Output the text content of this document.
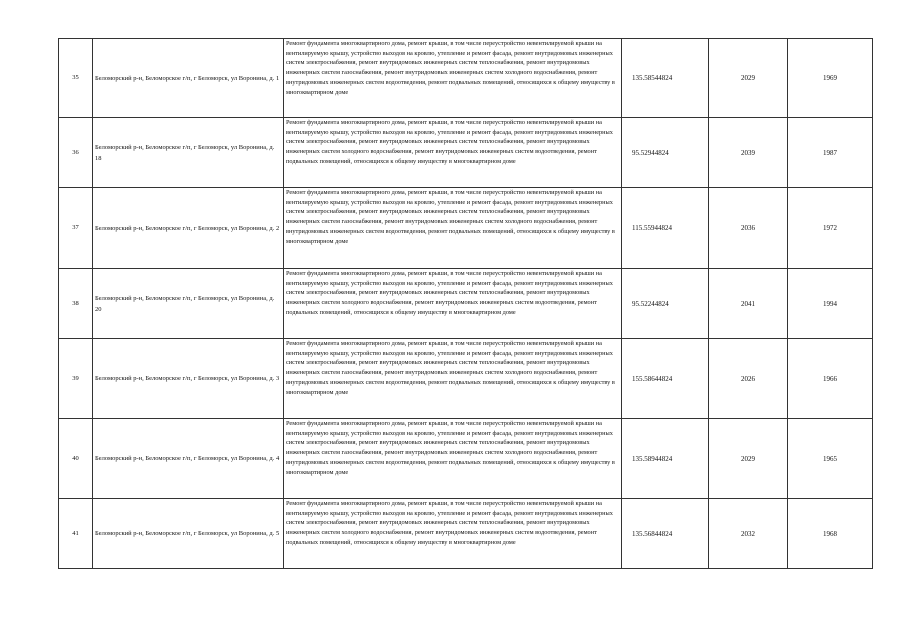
35	Беломорский р-н, Беломорское г/п, г Беломорск, ул Воронина, д. 1	Ремонт фундамента многоквартирного дома, ремонт крыши, в том числе переустройство невентилируемой крыши на вентилируемую крышу, устройство выходов на кровлю, утепление и ремонт фасада, ремонт внутридомовых инженерных систем электроснабжения, ремонт внутридомовых инженерных систем теплоснабжения, ремонт внутридомовых инженерных систем газоснабжения, ремонт внутридомовых инженерных систем холодного водоснабжения, ремонт внутридомовых инженерных систем водоотведения, ремонт подвальных помещений, относящихся к общему имуществу в многоквартирном доме	135.58544824	2029	1969
36	Беломорский р-н, Беломорское г/п, г Беломорск, ул Воронина, д. 18	Ремонт фундамента многоквартирного дома, ремонт крыши, в том числе переустройство невентилируемой крыши на вентилируемую крышу, устройство выходов на кровлю, утепление и ремонт фасада, ремонт внутридомовых инженерных систем электроснабжения, ремонт внутридомовых инженерных систем теплоснабжения, ремонт внутридомовых инженерных систем холодного водоснабжения, ремонт внутридомовых инженерных систем водоотведения, ремонт подвальных помещений, относящихся к общему имуществу в многоквартирном доме	95.52944824	2039	1987
37	Беломорский р-н, Беломорское г/п, г Беломорск, ул Воронина, д. 2	Ремонт фундамента многоквартирного дома, ремонт крыши, в том числе переустройство невентилируемой крыши на вентилируемую крышу, устройство выходов на кровлю, утепление и ремонт фасада, ремонт внутридомовых инженерных систем электроснабжения, ремонт внутридомовых инженерных систем теплоснабжения, ремонт внутридомовых инженерных систем газоснабжения, ремонт внутридомовых инженерных систем холодного водоснабжения, ремонт внутридомовых инженерных систем водоотведения, ремонт подвальных помещений, относящихся к общему имуществу в многоквартирном доме	115.55944824	2036	1972
38	Беломорский р-н, Беломорское г/п, г Беломорск, ул Воронина, д. 20	Ремонт фундамента многоквартирного дома, ремонт крыши, в том числе переустройство невентилируемой крыши на вентилируемую крышу, устройство выходов на кровлю, утепление и ремонт фасада, ремонт внутридомовых инженерных систем электроснабжения, ремонт внутридомовых инженерных систем теплоснабжения, ремонт внутридомовых инженерных систем холодного водоснабжения, ремонт внутридомовых инженерных систем водоотведения, ремонт подвальных помещений, относящихся к общему имуществу в многоквартирном доме	95.52244824	2041	1994
39	Беломорский р-н, Беломорское г/п, г Беломорск, ул Воронина, д. 3	Ремонт фундамента многоквартирного дома, ремонт крыши, в том числе переустройство невентилируемой крыши на вентилируемую крышу, устройство выходов на кровлю, утепление и ремонт фасада, ремонт внутридомовых инженерных систем электроснабжения, ремонт внутридомовых инженерных систем теплоснабжения, ремонт внутридомовых инженерных систем газоснабжения, ремонт внутридомовых инженерных систем холодного водоснабжения, ремонт внутридомовых инженерных систем водоотведения, ремонт подвальных помещений, относящихся к общему имуществу в многоквартирном доме	155.58644824	2026	1966
40	Беломорский р-н, Беломорское г/п, г Беломорск, ул Воронина, д. 4	Ремонт фундамента многоквартирного дома, ремонт крыши, в том числе переустройство невентилируемой крыши на вентилируемую крышу, устройство выходов на кровлю, утепление и ремонт фасада, ремонт внутридомовых инженерных систем электроснабжения, ремонт внутридомовых инженерных систем теплоснабжения, ремонт внутридомовых инженерных систем газоснабжения, ремонт внутридомовых инженерных систем холодного водоснабжения, ремонт внутридомовых инженерных систем водоотведения, ремонт подвальных помещений, относящихся к общему имуществу в многоквартирном доме	135.58944824	2029	1965
41	Беломорский р-н, Беломорское г/п, г Беломорск, ул Воронина, д. 5	Ремонт фундамента многоквартирного дома, ремонт крыши, в том числе переустройство невентилируемой крыши на вентилируемую крышу, устройство выходов на кровлю, утепление и ремонт фасада, ремонт внутридомовых инженерных систем электроснабжения, ремонт внутридомовых инженерных систем теплоснабжения, ремонт внутридомовых инженерных систем холодного водоснабжения, ремонт внутридомовых инженерных систем водоотведения, ремонт подвальных помещений, относящихся к общему имуществу в многоквартирном доме	135.56844824	2032	1968
